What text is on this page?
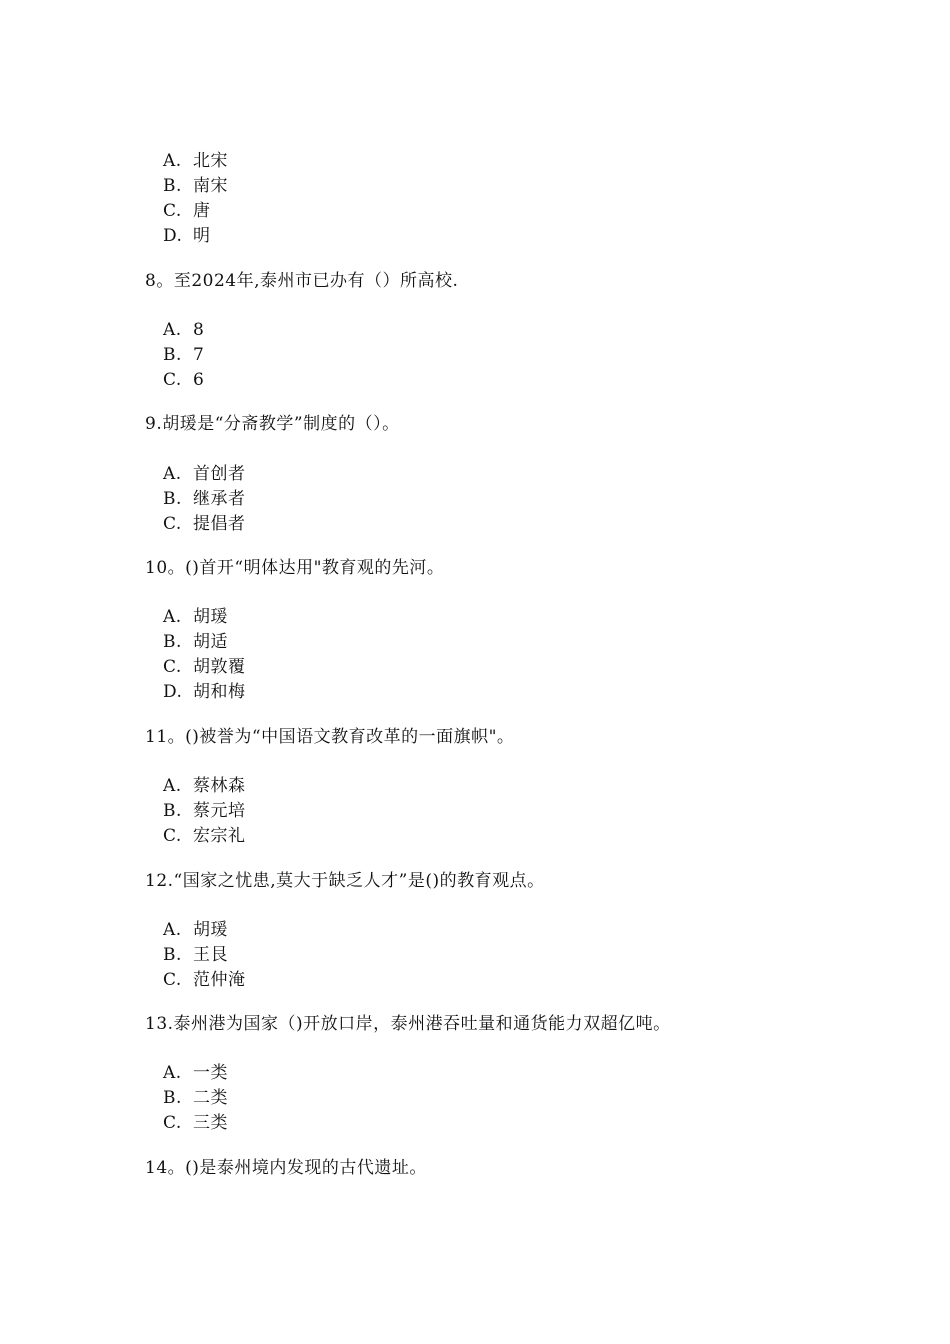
A. 北宋
B. 南宋
C. 唐
D. 明
8。至2024年,泰州市已办有（）所高校.
A. 8
B. 7
C. 6
9.胡瑗是“分斋教学”制度的（）。
A. 首创者
B. 继承者
C. 提倡者
10。()首开“明体达用"教育观的先河。
A. 胡瑗
B. 胡适
C. 胡敦覆
D. 胡和梅
11。()被誉为“中国语文教育改革的一面旗帜"。
A. 蔡林森
B. 蔡元培
C. 宏宗礼
12.“国家之忧患,莫大于缺乏人才”是()的教育观点。
A. 胡瑗
B. 王艮
C. 范仲淹
13.泰州港为国家（)开放口岸，泰州港吞吐量和通货能力双超亿吨。
A. 一类
B. 二类
C. 三类
14。()是泰州境内发现的古代遗址。
